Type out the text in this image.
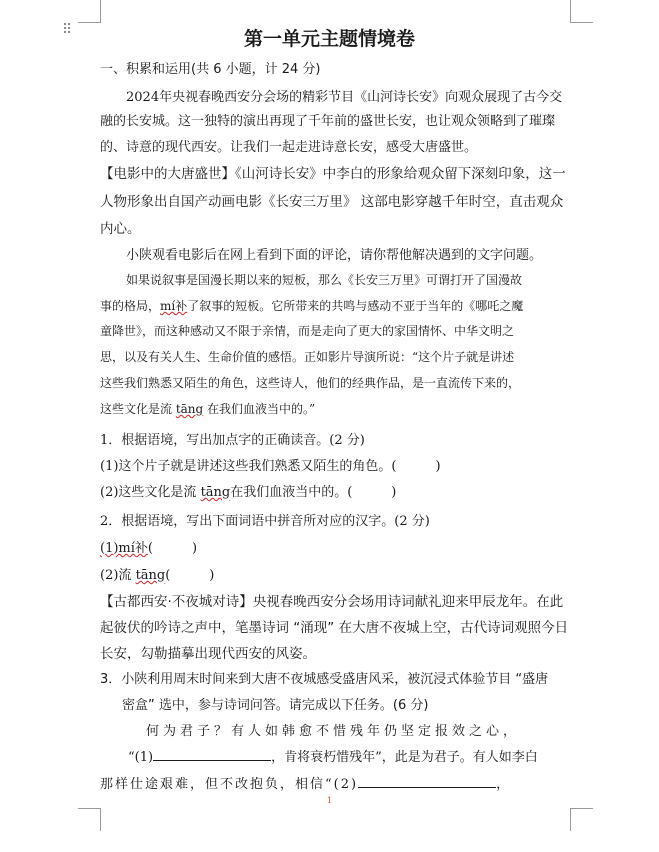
⠿	第一单元主题情境卷
一、积累和运用(共 6 小题，计 24 分)
2024年央视春晚西安分会场的精彩节目《山河诗长安》向观众展现了古今交
融的长安城。这一独特的演出再现了千年前的盛世长安，也让观众领略到了璀璨
的、诗意的现代西安。让我们一起走进诗意长安，感受大唐盛世。
【电影中的大唐盛世】《山河诗长安》中李白的形象给观众留下深刻印象，这一
人物形象出自国产动画电影《长安三万里》 这部电影穿越千年时空，直击观众
内心。
小陕观看电影后在网上看到下面的评论，请你帮他解决遇到的文字问题。
如果说叙事是国漫长期以来的短板，那么《长安三万里》可谓打开了国漫故
事的格局，mí补了叙事的短板。它所带来的共鸣与感动不亚于当年的《哪吒之魔
童降世》，而这种感动又不限于亲情，而是走向了更大的家国情怀、中华文明之
思，以及有关人生、生命价值的感悟。正如影片导演所说：“这个片子就是讲述
这些我们熟悉又陌生的角色，这些诗人，他们的经典作品，是一直流传下来的，
这些文化是流 tāng 在我们血液当中的。”
1．根据语境，写出加点字的正确读音。(2 分)
(1)这个片子就是讲述这些我们熟悉又陌生的角色。(　　　)
(2)这些文化是流 tāng在我们血液当中的。(　　　)
2．根据语境，写出下面词语中拼音所对应的汉字。(2 分)
(1)mí补(　　　)
(2)流 tāng(　　　)
【古都西安·不夜城对诗】央视春晚西安分会场用诗词献礼迎来甲辰龙年。在此
起彼伏的吟诗之声中，笔墨诗词 “涌现” 在大唐不夜城上空，古代诗词观照今日
长安，勾勒描摹出现代西安的风姿。
3．小陕利用周末时间来到大唐不夜城感受盛唐风采，被沉浸式体验节目 “盛唐
密盒” 选中，参与诗词问答。请完成以下任务。(6 分)
何为君子？有人如韩愈不惜残年仍坚定报效之心，
“(1)	，肯将衰朽惜残年”，此是为君子。有人如李白
那样仕途艰难，但不改抱负，相信“(2)	，
1
